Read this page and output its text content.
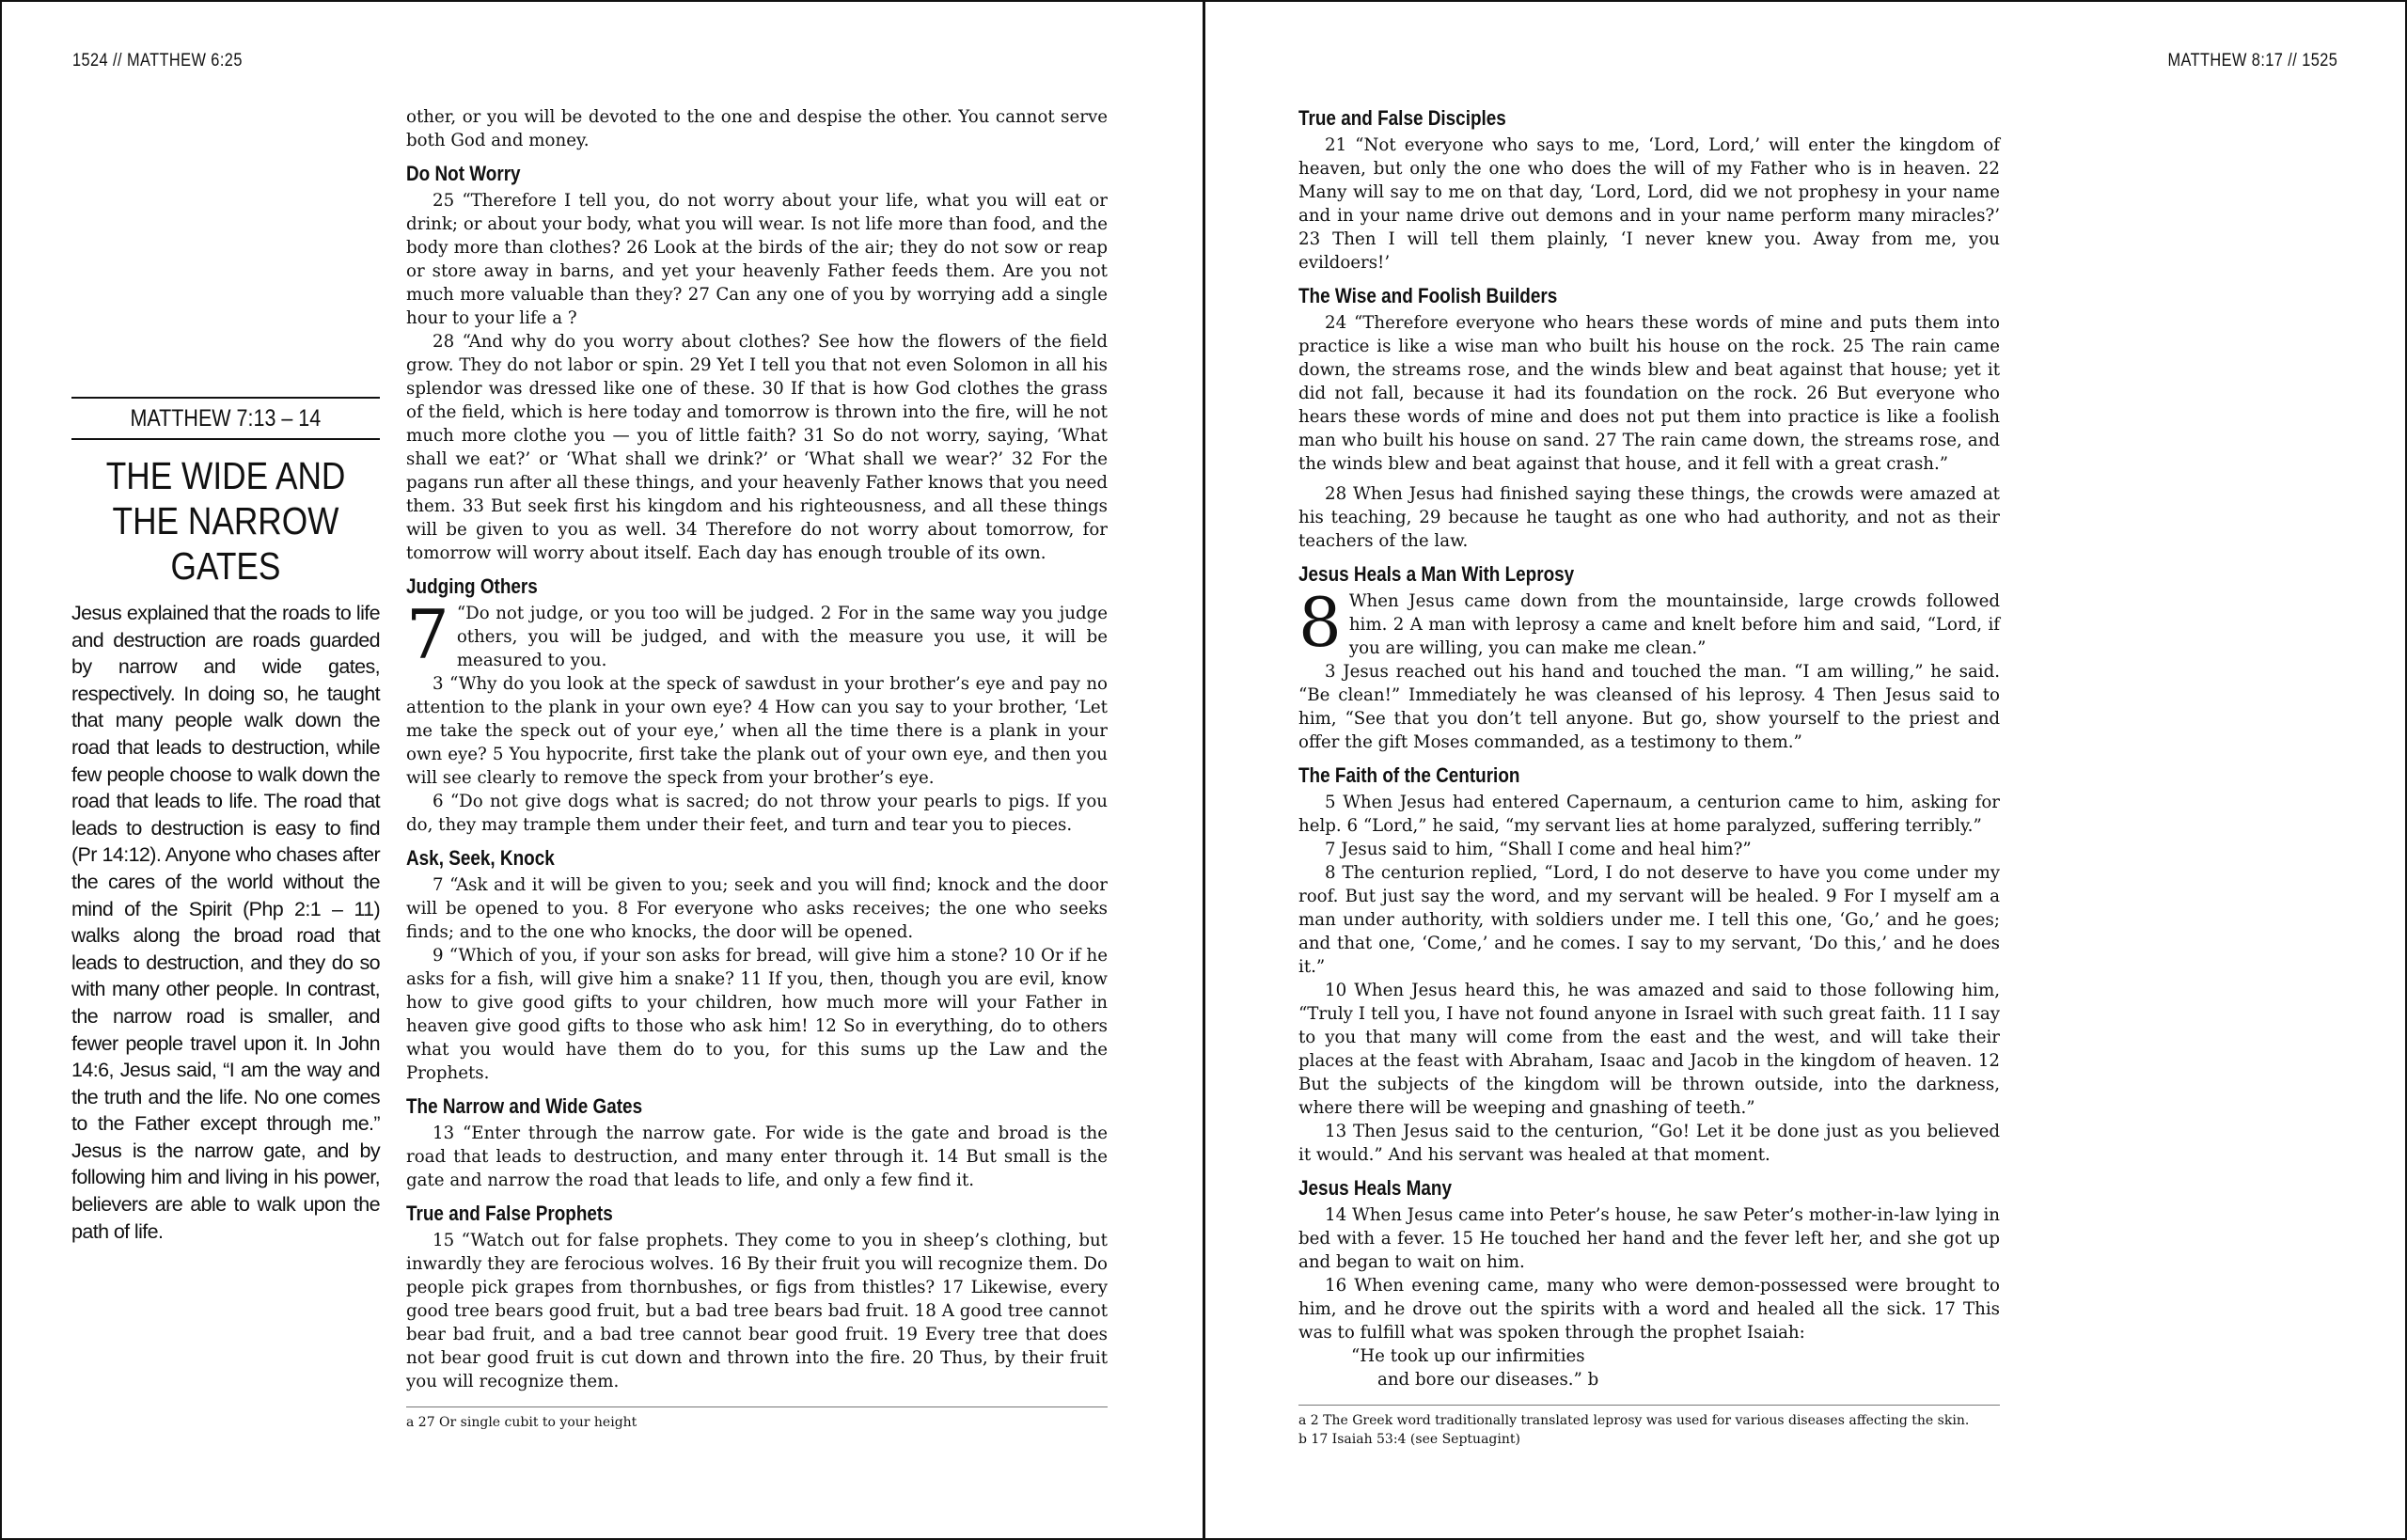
1524 // MATTHEW 6:25
MATTHEW 7:13 – 14
THE WIDE AND
THE NARROW GATES
Jesus explained that the roads to life and destruction are roads guarded by narrow and wide gates, respectively. In doing so, he taught that many people walk down the road that leads to destruction, while few people choose to walk down the road that leads to life. The road that leads to destruction is easy to find (Pr 14:12). Anyone who chases after the cares of the world without the mind of the Spirit (Php 2:1 – 11) walks along the broad road that leads to destruction, and they do so with many other people. In contrast, the narrow road is smaller, and fewer people travel upon it. In John 14:6, Jesus said, “I am the way and the truth and the life. No one comes to the Father except through me.” Jesus is the narrow gate, and by following him and living in his power, believers are able to walk upon the path of life.

other, or you will be devoted to the one and despise the other. You cannot serve both God and money.

Do Not Worry

25 “Therefore I tell you, do not worry about your life, what you will eat or drink; or about your body, what you will wear. Is not life more than food, and the body more than clothes? 26 Look at the birds of the air; they do not sow or reap or store away in barns, and yet your heavenly Father feeds them. Are you not much more valuable than they? 27 Can any one of you by worrying add a single hour to your life a ?

28 “And why do you worry about clothes? See how the flowers of the field grow. They do not labor or spin. 29 Yet I tell you that not even Solomon in all his splendor was dressed like one of these. 30 If that is how God clothes the grass of the field, which is here today and tomorrow is thrown into the fire, will he not much more clothe you — you of little faith? 31 So do not worry, saying, ‘What shall we eat?’ or ‘What shall we drink?’ or ‘What shall we wear?’ 32 For the pagans run after all these things, and your heavenly Father knows that you need them. 33 But seek first his kingdom and his righteousness, and all these things will be given to you as well. 34 Therefore do not worry about tomorrow, for tomorrow will worry about itself. Each day has enough trouble of its own.

Judging Others

7 “Do not judge, or you too will be judged. 2 For in the same way you judge others, you will be judged, and with the measure you use, it will be measured to you.

3 “Why do you look at the speck of sawdust in your brother’s eye and pay no attention to the plank in your own eye? 4 How can you say to your brother, ‘Let me take the speck out of your eye,’ when all the time there is a plank in your own eye? 5 You hypocrite, first take the plank out of your own eye, and then you will see clearly to remove the speck from your brother’s eye.

6 “Do not give dogs what is sacred; do not throw your pearls to pigs. If you do, they may trample them under their feet, and turn and tear you to pieces.

Ask, Seek, Knock

7 “Ask and it will be given to you; seek and you will find; knock and the door will be opened to you. 8 For everyone who asks receives; the one who seeks finds; and to the one who knocks, the door will be opened.

9 “Which of you, if your son asks for bread, will give him a stone? 10 Or if he asks for a fish, will give him a snake? 11 If you, then, though you are evil, know how to give good gifts to your children, how much more will your Father in heaven give good gifts to those who ask him! 12 So in everything, do to others what you would have them do to you, for this sums up the Law and the Prophets.

The Narrow and Wide Gates

13 “Enter through the narrow gate. For wide is the gate and broad is the road that leads to destruction, and many enter through it. 14 But small is the gate and narrow the road that leads to life, and only a few find it.

True and False Prophets

15 “Watch out for false prophets. They come to you in sheep’s clothing, but inwardly they are ferocious wolves. 16 By their fruit you will recognize them. Do people pick grapes from thornbushes, or figs from thistles? 17 Likewise, every good tree bears good fruit, but a bad tree bears bad fruit. 18 A good tree cannot bear bad fruit, and a bad tree cannot bear good fruit. 19 Every tree that does not bear good fruit is cut down and thrown into the fire. 20 Thus, by their fruit you will recognize them.

a 27 Or single cubit to your height

MATTHEW 8:17 // 1525
True and False Disciples

21 “Not everyone who says to me, ‘Lord, Lord,’ will enter the kingdom of heaven, but only the one who does the will of my Father who is in heaven. 22 Many will say to me on that day, ‘Lord, Lord, did we not prophesy in your name and in your name drive out demons and in your name perform many miracles?’ 23 Then I will tell them plainly, ‘I never knew you. Away from me, you evildoers!’

The Wise and Foolish Builders

24 “Therefore everyone who hears these words of mine and puts them into practice is like a wise man who built his house on the rock. 25 The rain came down, the streams rose, and the winds blew and beat against that house; yet it did not fall, because it had its foundation on the rock. 26 But everyone who hears these words of mine and does not put them into practice is like a foolish man who built his house on sand. 27 The rain came down, the streams rose, and the winds blew and beat against that house, and it fell with a great crash.”

28 When Jesus had finished saying these things, the crowds were amazed at his teaching, 29 because he taught as one who had authority, and not as their teachers of the law.

Jesus Heals a Man With Leprosy

8 When Jesus came down from the mountainside, large crowds followed him. 2 A man with leprosy a came and knelt before him and said, “Lord, if you are willing, you can make me clean.”

3 Jesus reached out his hand and touched the man. “I am willing,” he said. “Be clean!” Immediately he was cleansed of his leprosy. 4 Then Jesus said to him, “See that you don’t tell anyone. But go, show yourself to the priest and offer the gift Moses commanded, as a testimony to them.”

The Faith of the Centurion

5 When Jesus had entered Capernaum, a centurion came to him, asking for help. 6 “Lord,” he said, “my servant lies at home paralyzed, suffering terribly.”

7 Jesus said to him, “Shall I come and heal him?”

8 The centurion replied, “Lord, I do not deserve to have you come under my roof. But just say the word, and my servant will be healed. 9 For I myself am a man under authority, with soldiers under me. I tell this one, ‘Go,’ and he goes; and that one, ‘Come,’ and he comes. I say to my servant, ‘Do this,’ and he does it.”

10 When Jesus heard this, he was amazed and said to those following him, “Truly I tell you, I have not found anyone in Israel with such great faith. 11 I say to you that many will come from the east and the west, and will take their places at the feast with Abraham, Isaac and Jacob in the kingdom of heaven. 12 But the subjects of the kingdom will be thrown outside, into the darkness, where there will be weeping and gnashing of teeth.”

13 Then Jesus said to the centurion, “Go! Let it be done just as you believed it would.” And his servant was healed at that moment.

Jesus Heals Many

14 When Jesus came into Peter’s house, he saw Peter’s mother-in-law lying in bed with a fever. 15 He touched her hand and the fever left her, and she got up and began to wait on him.

16 When evening came, many who were demon-possessed were brought to him, and he drove out the spirits with a word and healed all the sick. 17 This was to fulfill what was spoken through the prophet Isaiah:

“He took up our infirmities
and bore our diseases.” b

a 2 The Greek word traditionally translated leprosy was used for various diseases affecting the skin.

b 17 Isaiah 53:4 (see Septuagint)
